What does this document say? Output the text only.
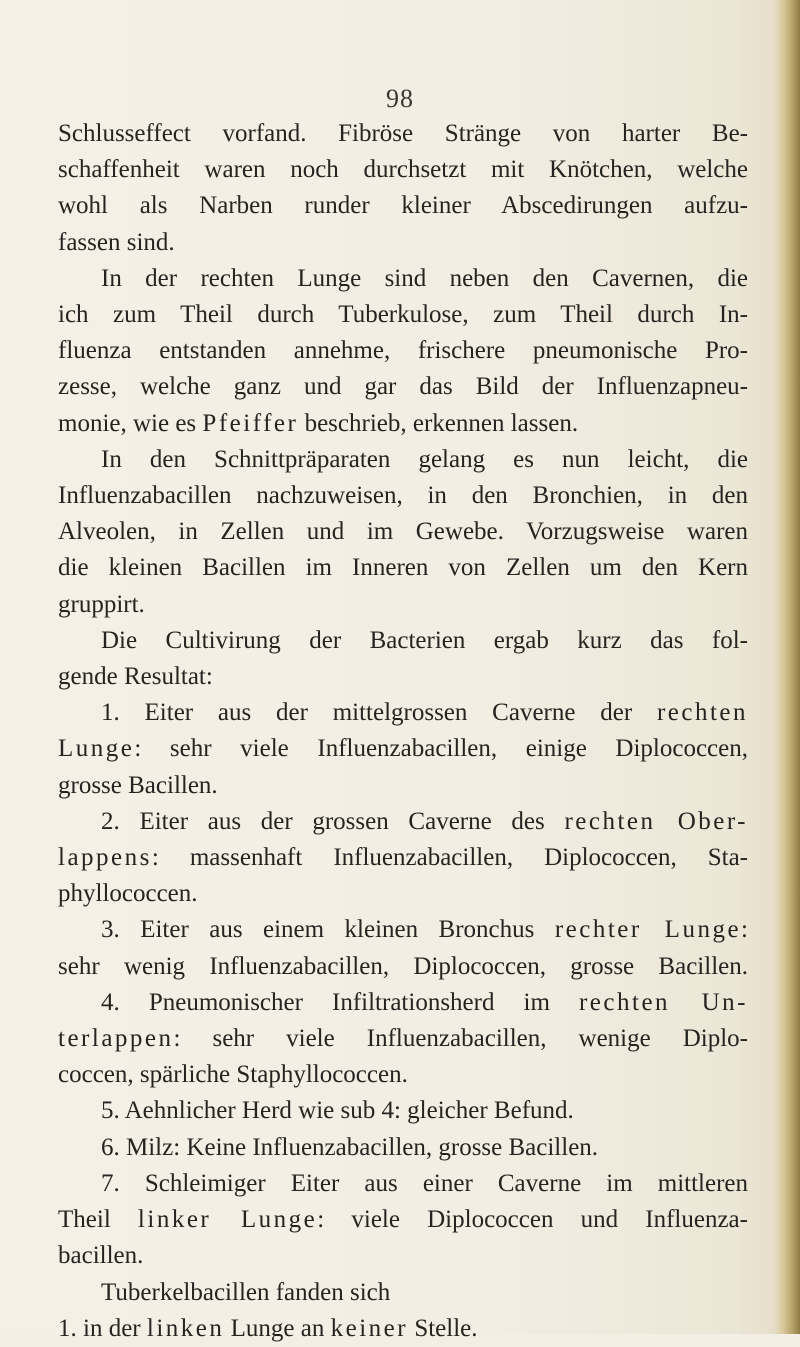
98
Schlusseffect vorfand. Fibröse Stränge von harter Be-
schaffenheit waren noch durchsetzt mit Knötchen, welche
wohl als Narben runder kleiner Abscedirungen aufzu-
fassen sind.
In der rechten Lunge sind neben den Cavernen, die
ich zum Theil durch Tuberkulose, zum Theil durch In-
fluenza entstanden annehme, frischere pneumonische Pro-
zesse, welche ganz und gar das Bild der Influenzapneu-
monie, wie es Pfeiffer beschrieb, erkennen lassen.
In den Schnittpräparaten gelang es nun leicht, die
Influenzabacillen nachzuweisen, in den Bronchien, in den
Alveolen, in Zellen und im Gewebe. Vorzugsweise waren
die kleinen Bacillen im Inneren von Zellen um den Kern
gruppirt.
Die Cultivirung der Bacterien ergab kurz das fol-
gende Resultat:
1. Eiter aus der mittelgrossen Caverne der rechten
Lunge: sehr viele Influenzabacillen, einige Diplococcen,
grosse Bacillen.
2. Eiter aus der grossen Caverne des rechten Ober-
lappens: massenhaft Influenzabacillen, Diplococcen, Sta-
phyllococcen.
3. Eiter aus einem kleinen Bronchus rechter Lunge:
sehr wenig Influenzabacillen, Diplococcen, grosse Bacillen.
4. Pneumonischer Infiltrationsherd im rechten Un-
terlappen: sehr viele Influenzabacillen, wenige Diplo-
coccen, spärliche Staphyllococcen.
5. Aehnlicher Herd wie sub 4: gleicher Befund.
6. Milz: Keine Influenzabacillen, grosse Bacillen.
7. Schleimiger Eiter aus einer Caverne im mittleren
Theil linker Lunge: viele Diplococcen und Influenza-
bacillen.
Tuberkelbacillen fanden sich
1. in der linken Lunge an keiner Stelle.
